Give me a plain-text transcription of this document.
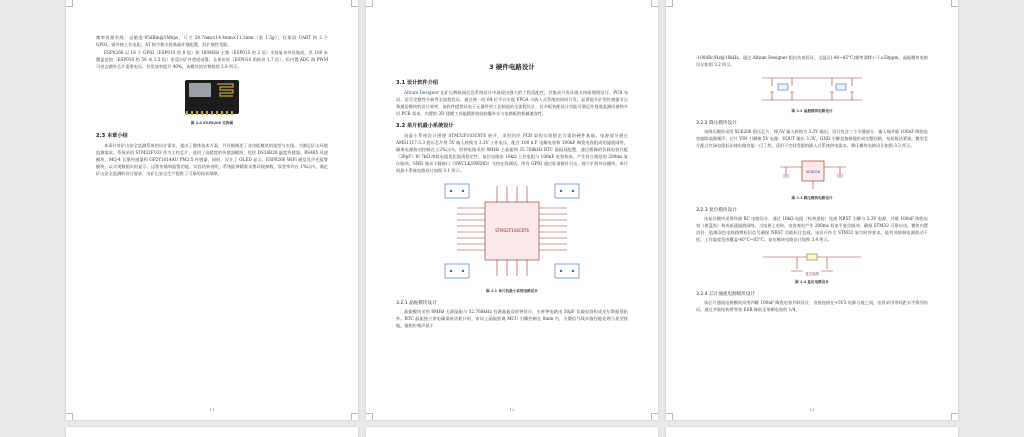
频率资源有线：灵敏度-95dBm@1Mbps，尺寸 24.7mm×14.4mm×11.2mm（重 1.5g），仅保留 UART 和 2 个 GPIO，需外接上拉电阻，AT 指令数支持基础环境配置，但扩展性受限。

ESP8266 以 16 个 GPIO（ESP01S 的 8 倍）和 160MHz 主频（ESP01S 的 2 倍）支持复杂外设集成，其 100 米覆盖范围（ESP01S 的 50 米 1.5 倍）更适应矿井巷道部署，且单价低（ESP01S 的低价 1.7 倍），但内置 ADC 和 PWM 可省去额外芯片需要电压，并发效率提升 40%，该模块的实物如图 2.8 所示。

图 2.8 ESP8266 实物图
2.3 本章小结

本章针对矿山安全监测系统的设计需求，提出了整体技术方案，并详细阐述了各功能模块的选型与实现。为满足矿山环境监测需求，系统采用 STM32F103 作为主控芯片，选用了高精度的传感器模块，包括 DS18B20 温度传感器、RS485 风速模块、MQ-4 瓦斯传感器和 GP2Y1014AU PM2.5 传感器，同时，设计了 OLED 显示、ESP8266 WiFi 通信及声光报警模块，以实现数据实时显示、远程传输和报警功能。实验结果表明，系统能够精准采集环境参数，误差率均在 1%以内，满足矿山安全监测的设计要求，为矿山安全生产提供了可靠的技术保障。

11
3 硬件电路设计
3.1 设计软件介绍

Altium Designer 在矿山物联网信息系统设计中展现出强大的工程适配性，其集成开发环境支持原理图设计、PCB 布局、信号完整性分析等全流程验证，通过统一的 64 位平台实现 FPGA 与嵌入式系统的协同开发，显著提升矿用传感器节点和通信模块的设计效率，该软件提供从电子元器件到工艺制造的全流程设计，其多板装配设计功能可满足井巷道监测设备的多层 PCB 需求，内置的 3D 建模工具能精准校验防爆外壳与电路板的机械兼容性。

3.2 单片机最小系统设计

该最小系统设计围绕 STM32F103C8T6 展开，采用四层 PCB 架构实现稳定可靠的硬件基础。电源部分通过 AMS1117-3.3 稳压芯片将 5V 输入转换为 3.3V 工作电压，配合 100 n F 电解电容和 100nF 陶瓷电容组成的滤波网络，确保电源波动控制在土2%以内。时钟电路采用 8MHz 主晶振和 32.768kHz RTC 晶振双配置，通过精确的负载电容匹配（30pF）和 7kΩ 串联电阻优化振荡稳定性，复位电路由 10kΩ 上拉电阻与 100nF 电容构成，产生符合规范的 200ms 复位脉冲。SWD 烧录下载接口（SWCLK/SWDIO）支持在线调试。所有 GPIO 通过标准排针引出，便于扩展外设模块。单片机最小系统电路设计如图 3.1 所示。

STM32F103C8T6
图 3.1 单片机最小系统电路设计
3.2.1 晶振模块设计

晶振模块采用 8MHz 无源晶振与 32.768kHz 有源晶振双时钟设计，主时钟电路由 30pF 负载电容构成皮尔斯振荡拓扑。RTC 晶振独立供电确保低功耗计时，布局上晶振距离 MCU 引脚控制在 8mm 内，关键信号线实施包地处理与星型接地，使相位噪声低于

12

-100dBc/Hz@10kHz。通过 Altium Designer 阻抗仿真验证，全温区(-40~85°C)频率漂移小于±50ppm。晶振模块电路设计如图 3.2 所示。

图 3.2 晶振模块电路设计
3.2.2 降压模块设计

该降压模块采用 XC6206 稳压芯片，将 5V 输入转换为 3.3V 输出，设计包含三个关键部分：输入端并联 100nF 陶瓷电容滤除高频噪声；芯片 VIN 引脚接 5V 电源，VOUT 输出 3.3V，GND 引脚直接接地形成完整回路，布局简洁紧凑，微型芯片配合红绿电阻标识使电路功能一目了然，适用于空间受限的嵌入式系统供电需求。降压模块电路设计如图 3.3 所示。

XC6206
图 3.3 降压模块电路设计
3.2.3 复位模块设计

该复位模块采用经典 RC 电路设计，通过 10kΩ 电阻（标黄黑棕）连接 NRST 引脚与 3.3V 电源，并联 100nF 陶瓷电容（黄蓝黑）构成低通滤波网络。当电源上电时，电容充电产生 200ms 低电平复位脉冲，确保 STM32 可靠启动。模块内置消抖，监测双色电线路增标识信号确保 NRST 功能标注直观，该设计符合 STM32 复位时序要求，能有效抑制电源波动干扰，工作温度范围覆盖-40°C~85°C。复位模块电路设计如图 3.4 所示。

复位电路
图 3.4 复位电路设计
3.2.4 芯片通流电源模块设计

该芯片通流电源模块采用四颗 100nF 陶瓷电容并联设计，直接连接在+3V3 电源与地之间，电容采用等间距水平排列布局，通过并联结构将等效 ESR 降低至单颗电容的 1/4，

13
